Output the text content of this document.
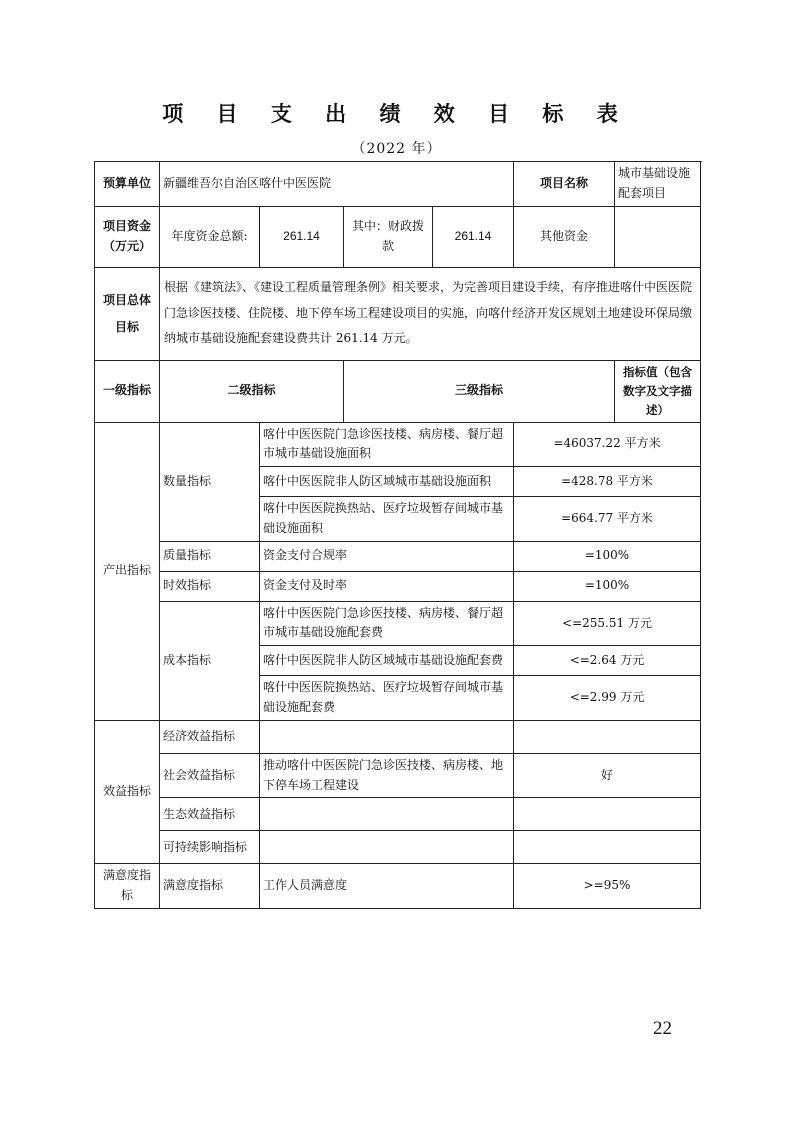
项 目 支 出 绩 效 目 标 表
（2022 年）
预算单位	新疆维吾尔自治区喀什中医医院				项目名称	城市基础设施配套项目

项目资金
（万元）	年度资金总额:	261.14	其中：财政拨款	261.14	其他资金	
项目总体目标	根据《建筑法》、《建设工程质量管理条例》相关要求，为完善项目建设手续，有序推进喀什中医医院门急诊医技楼、住院楼、地下停车场工程建设项目的实施，向喀什经济开发区规划土地建设环保局缴纳城市基础设施配套建设费共计 261.14 万元。					
一级指标	二级指标		三级指标			指标值（包含数字及文字描述）
产出指标	数量指标	喀什中医医院门急诊医技楼、病房楼、餐厅超市城市基础设施面积			=46037.22 平方米	
		喀什中医医院非人防区域城市基础设施面积			=428.78 平方米	
		喀什中医医院换热站、医疗垃圾暂存间城市基础设施面积			=664.77 平方米	
	质量指标	资金支付合规率			=100%	
	时效指标	资金支付及时率			=100%	
	成本指标	喀什中医医院门急诊医技楼、病房楼、餐厅超市城市基础设施配套费			<=255.51 万元	
		喀什中医医院非人防区域城市基础设施配套费			<=2.64 万元	
		喀什中医医院换热站、医疗垃圾暂存间城市基础设施配套费			<=2.99 万元	
效益指标	经济效益指标					
	社会效益指标	推动喀什中医医院门急诊医技楼、病房楼、地下停车场工程建设			好	
	生态效益指标					
	可持续影响指标					
满意度指标	满意度指标	工作人员满意度			>=95%	
22
